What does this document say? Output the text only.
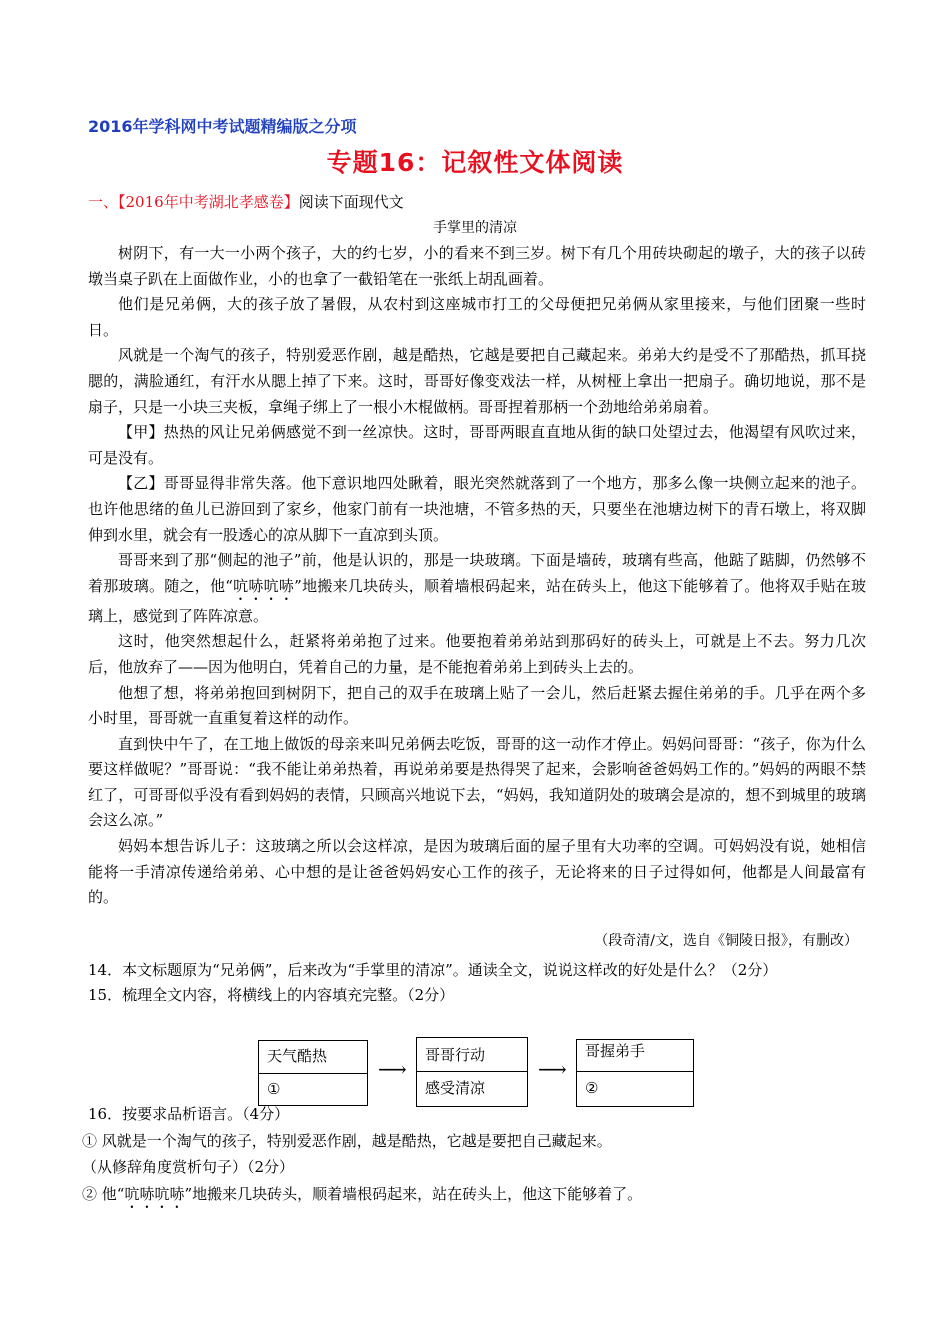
2016年学科网中考试题精编版之分项
专题16：记叙性文体阅读
一、【2016年中考湖北孝感卷】阅读下面现代文
手掌里的清凉

树阴下，有一大一小两个孩子，大的约七岁，小的看来不到三岁。树下有几个用砖块砌起的墩子，大的孩子以砖墩当桌子趴在上面做作业，小的也拿了一截铅笔在一张纸上胡乱画着。

他们是兄弟俩，大的孩子放了暑假，从农村到这座城市打工的父母便把兄弟俩从家里接来，与他们团聚一些时日。

风就是一个淘气的孩子，特别爱恶作剧，越是酷热，它越是要把自己藏起来。弟弟大约是受不了那酷热，抓耳挠腮的，满脸通红，有汗水从腮上掉了下来。这时，哥哥好像变戏法一样，从树桠上拿出一把扇子。确切地说，那不是扇子，只是一小块三夹板，拿绳子绑上了一根小木棍做柄。哥哥捏着那柄一个劲地给弟弟扇着。

【甲】热热的风让兄弟俩感觉不到一丝凉快。这时，哥哥两眼直直地从街的缺口处望过去，他渴望有风吹过来，可是没有。

【乙】哥哥显得非常失落。他下意识地四处瞅着，眼光突然就落到了一个地方，那多么像一块侧立起来的池子。也许他思绪的鱼儿已游回到了家乡，他家门前有一块池塘，不管多热的天，只要坐在池塘边树下的青石墩上，将双脚伸到水里，就会有一股透心的凉从脚下一直凉到头顶。

哥哥来到了那“侧起的池子”前，他是认识的，那是一块玻璃。下面是墙砖，玻璃有些高，他踮了踮脚，仍然够不着那玻璃。随之，他“吭哧吭哧”地搬来几块砖头，顺着墙根码起来，站在砖头上，他这下能够着了。他将双手贴在玻璃上，感觉到了阵阵凉意。

这时，他突然想起什么，赶紧将弟弟抱了过来。他要抱着弟弟站到那码好的砖头上，可就是上不去。努力几次后，他放弃了——因为他明白，凭着自己的力量，是不能抱着弟弟上到砖头上去的。

他想了想，将弟弟抱回到树阴下，把自己的双手在玻璃上贴了一会儿，然后赶紧去握住弟弟的手。几乎在两个多小时里，哥哥就一直重复着这样的动作。

直到快中午了，在工地上做饭的母亲来叫兄弟俩去吃饭，哥哥的这一动作才停止。妈妈问哥哥：“孩子，你为什么要这样做呢？”哥哥说：“我不能让弟弟热着，再说弟弟要是热得哭了起来，会影响爸爸妈妈工作的。”妈妈的两眼不禁红了，可哥哥似乎没有看到妈妈的表情，只顾高兴地说下去，“妈妈，我知道阴处的玻璃会是凉的，想不到城里的玻璃会这么凉。”

妈妈本想告诉儿子：这玻璃之所以会这样凉，是因为玻璃后面的屋子里有大功率的空调。可妈妈没有说，她相信能将一手清凉传递给弟弟、心中想的是让爸爸妈妈安心工作的孩子，无论将来的日子过得如何，他都是人间最富有的。

（段奇清/文，选自《铜陵日报》，有删改）

14．本文标题原为“兄弟俩”，后来改为“手掌里的清凉”。通读全文，说说这样改的好处是什么？（2分）

15．梳理全文内容，将横线上的内容填充完整。（2分）

天气酷热
①
⟶
哥哥行动
感受清凉
⟶
哥握弟手
②

16．按要求品析语言。（4分）

① 风就是一个淘气的孩子，特别爱恶作剧，越是酷热，它越是要把自己藏起来。

（从修辞角度赏析句子）（2分）

② 他“吭哧吭哧”地搬来几块砖头，顺着墙根码起来，站在砖头上，他这下能够着了。
